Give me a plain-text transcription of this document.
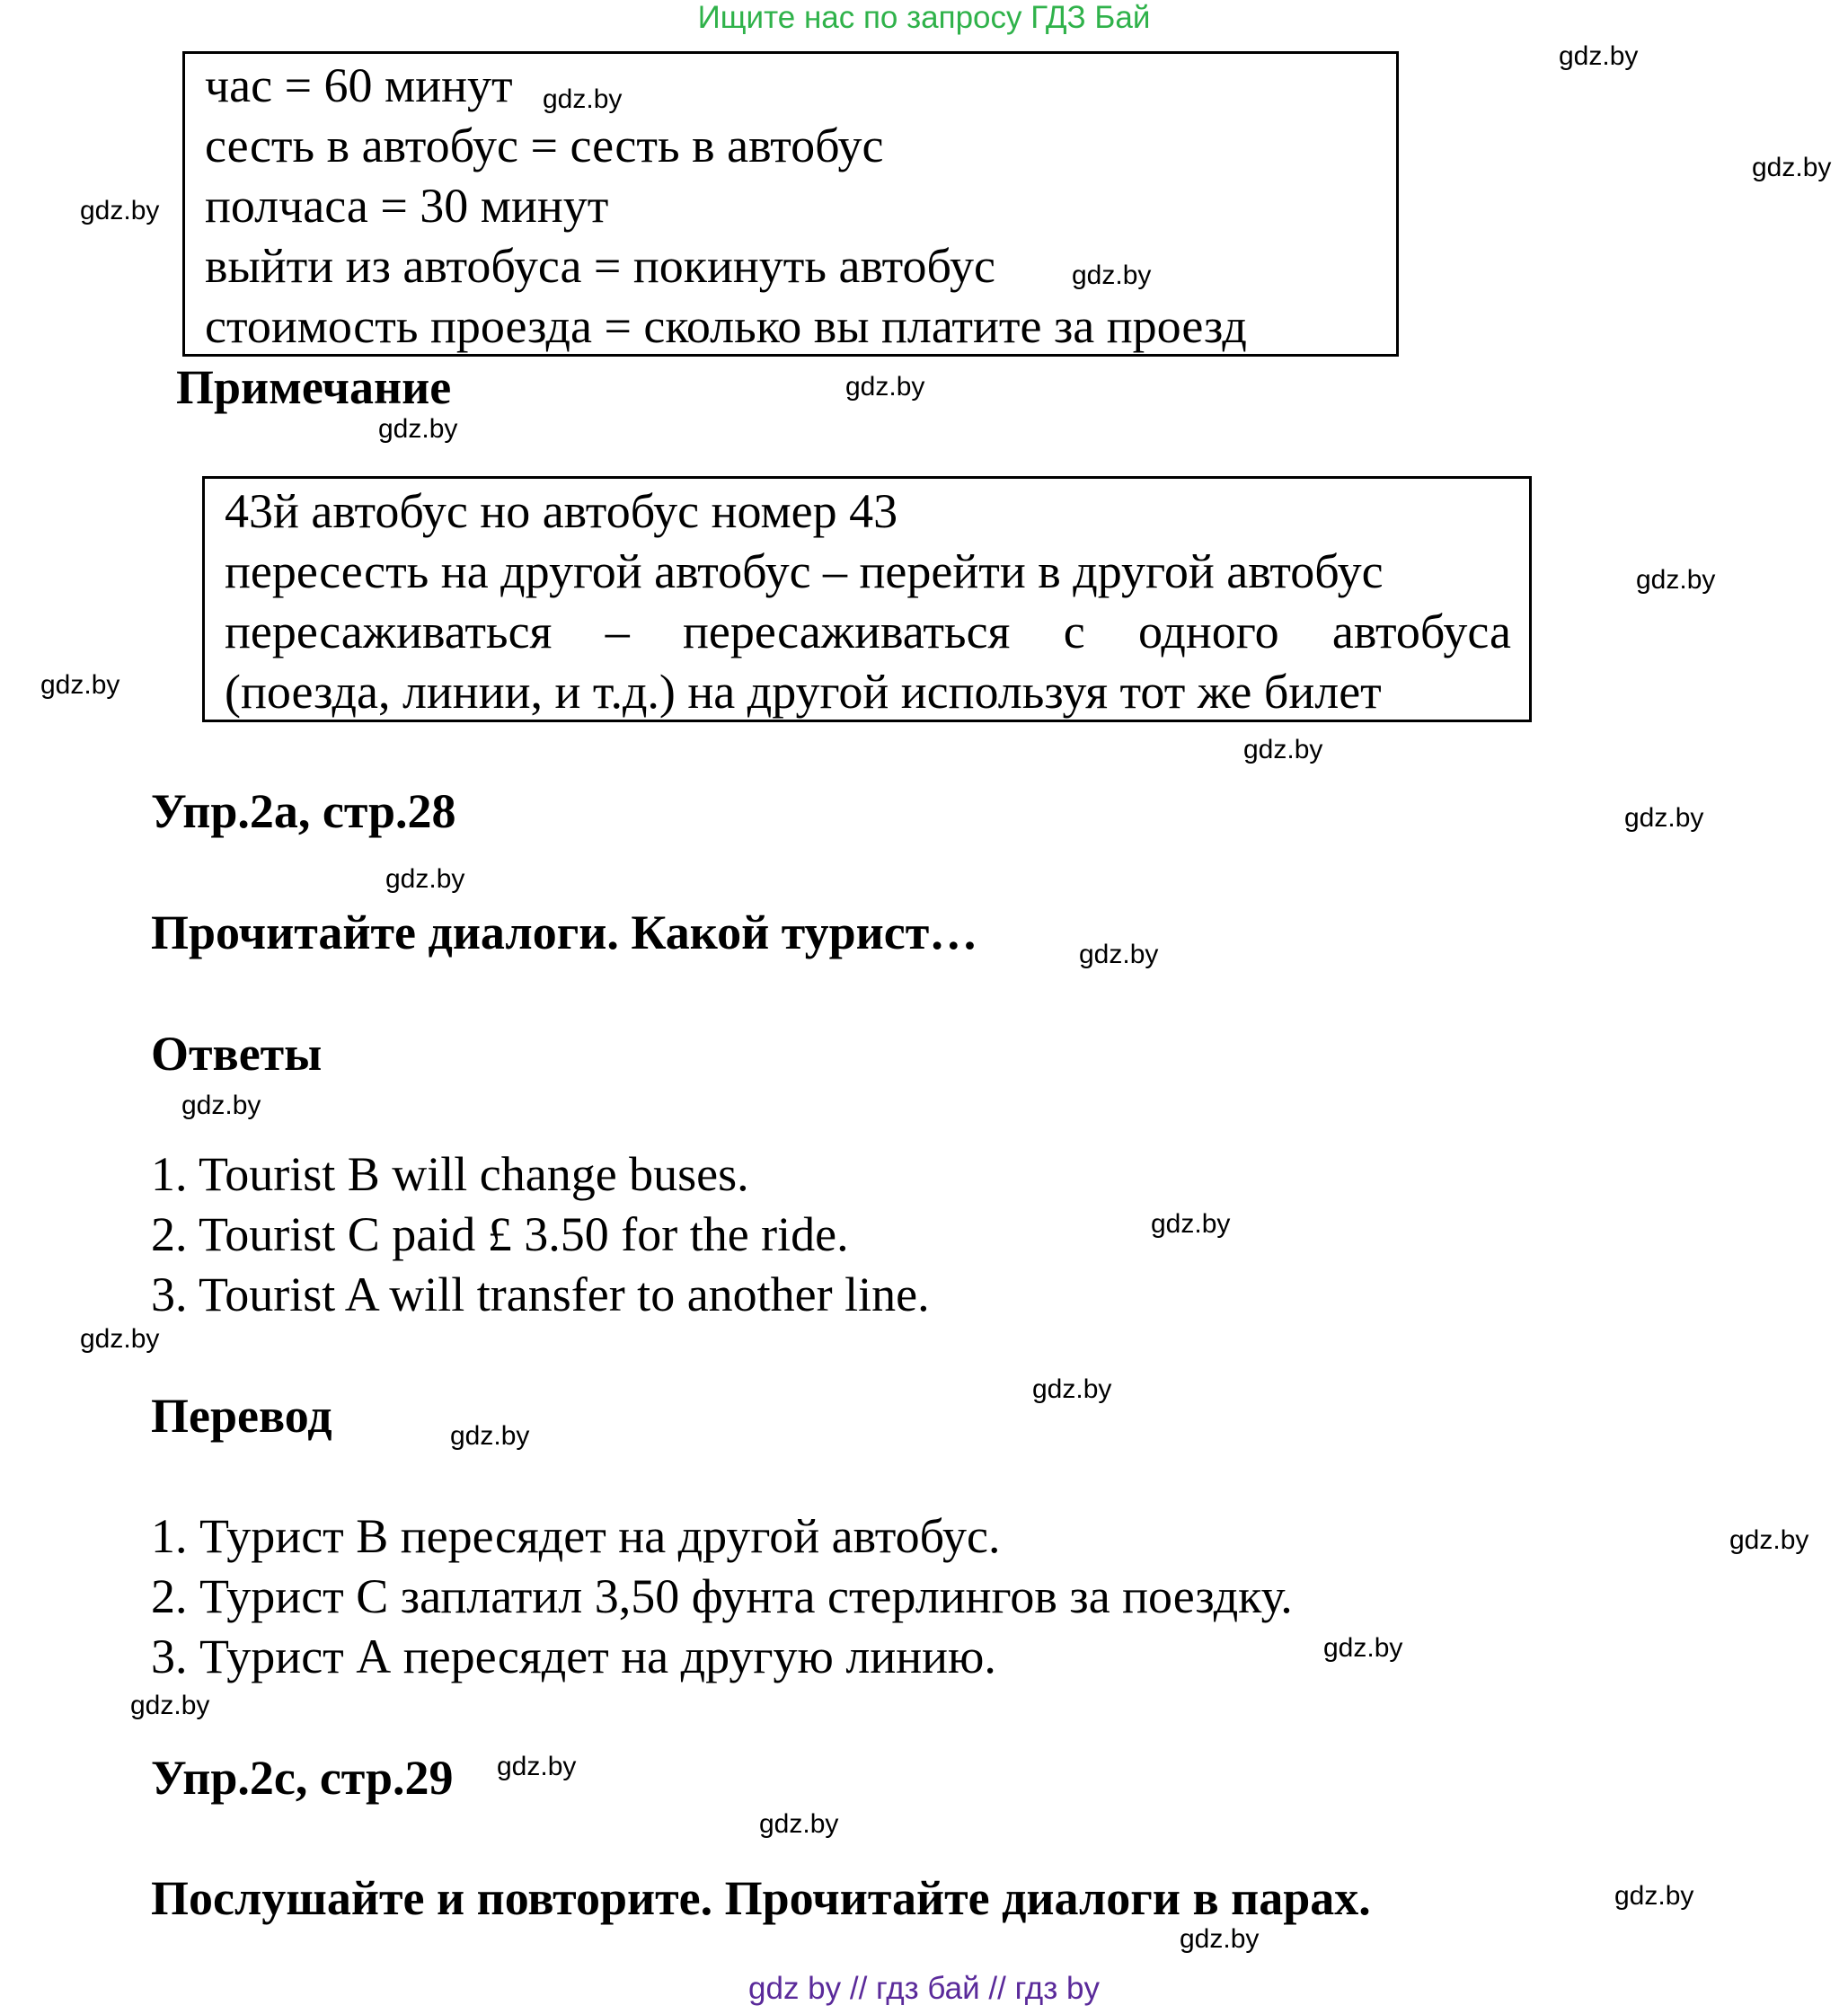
Ищите нас по запросу ГДЗ Бай
час = 60 минут
сесть в автобус = сесть в автобус
полчаса = 30 минут
выйти из автобуса = покинуть автобус
стоимость проезда = сколько вы платите за проезд
Примечание
43й автобус но автобус номер 43
пересесть на другой автобус – перейти в другой автобус
пересаживаться – пересаживаться с одного автобуса
(поезда, линии, и т.д.) на другой используя тот же билет
Упр.2а, стр.28
Прочитайте диалоги. Какой турист…
Ответы
1. Tourist B will change buses.
2. Tourist C paid £ 3.50 for the ride.
3. Tourist A will transfer to another line.
Перевод
1. Турист В пересядет на другой автобус.
2. Турист С заплатил 3,50 фунта стерлингов за поездку.
3. Турист А пересядет на другую линию.
Упр.2с, стр.29
Послушайте и повторите. Прочитайте диалоги в парах.
gdz.by
gdz.by
gdz.by
gdz.by
gdz.by
gdz.by
gdz.by
gdz.by
gdz.by
gdz.by
gdz.by
gdz.by
gdz.by
gdz.by
gdz.by
gdz.by
gdz.by
gdz.by
gdz.by
gdz.by
gdz.by
gdz.by
gdz.by
gdz.by
gdz.by
gdz by // гдз бай // гдз by
